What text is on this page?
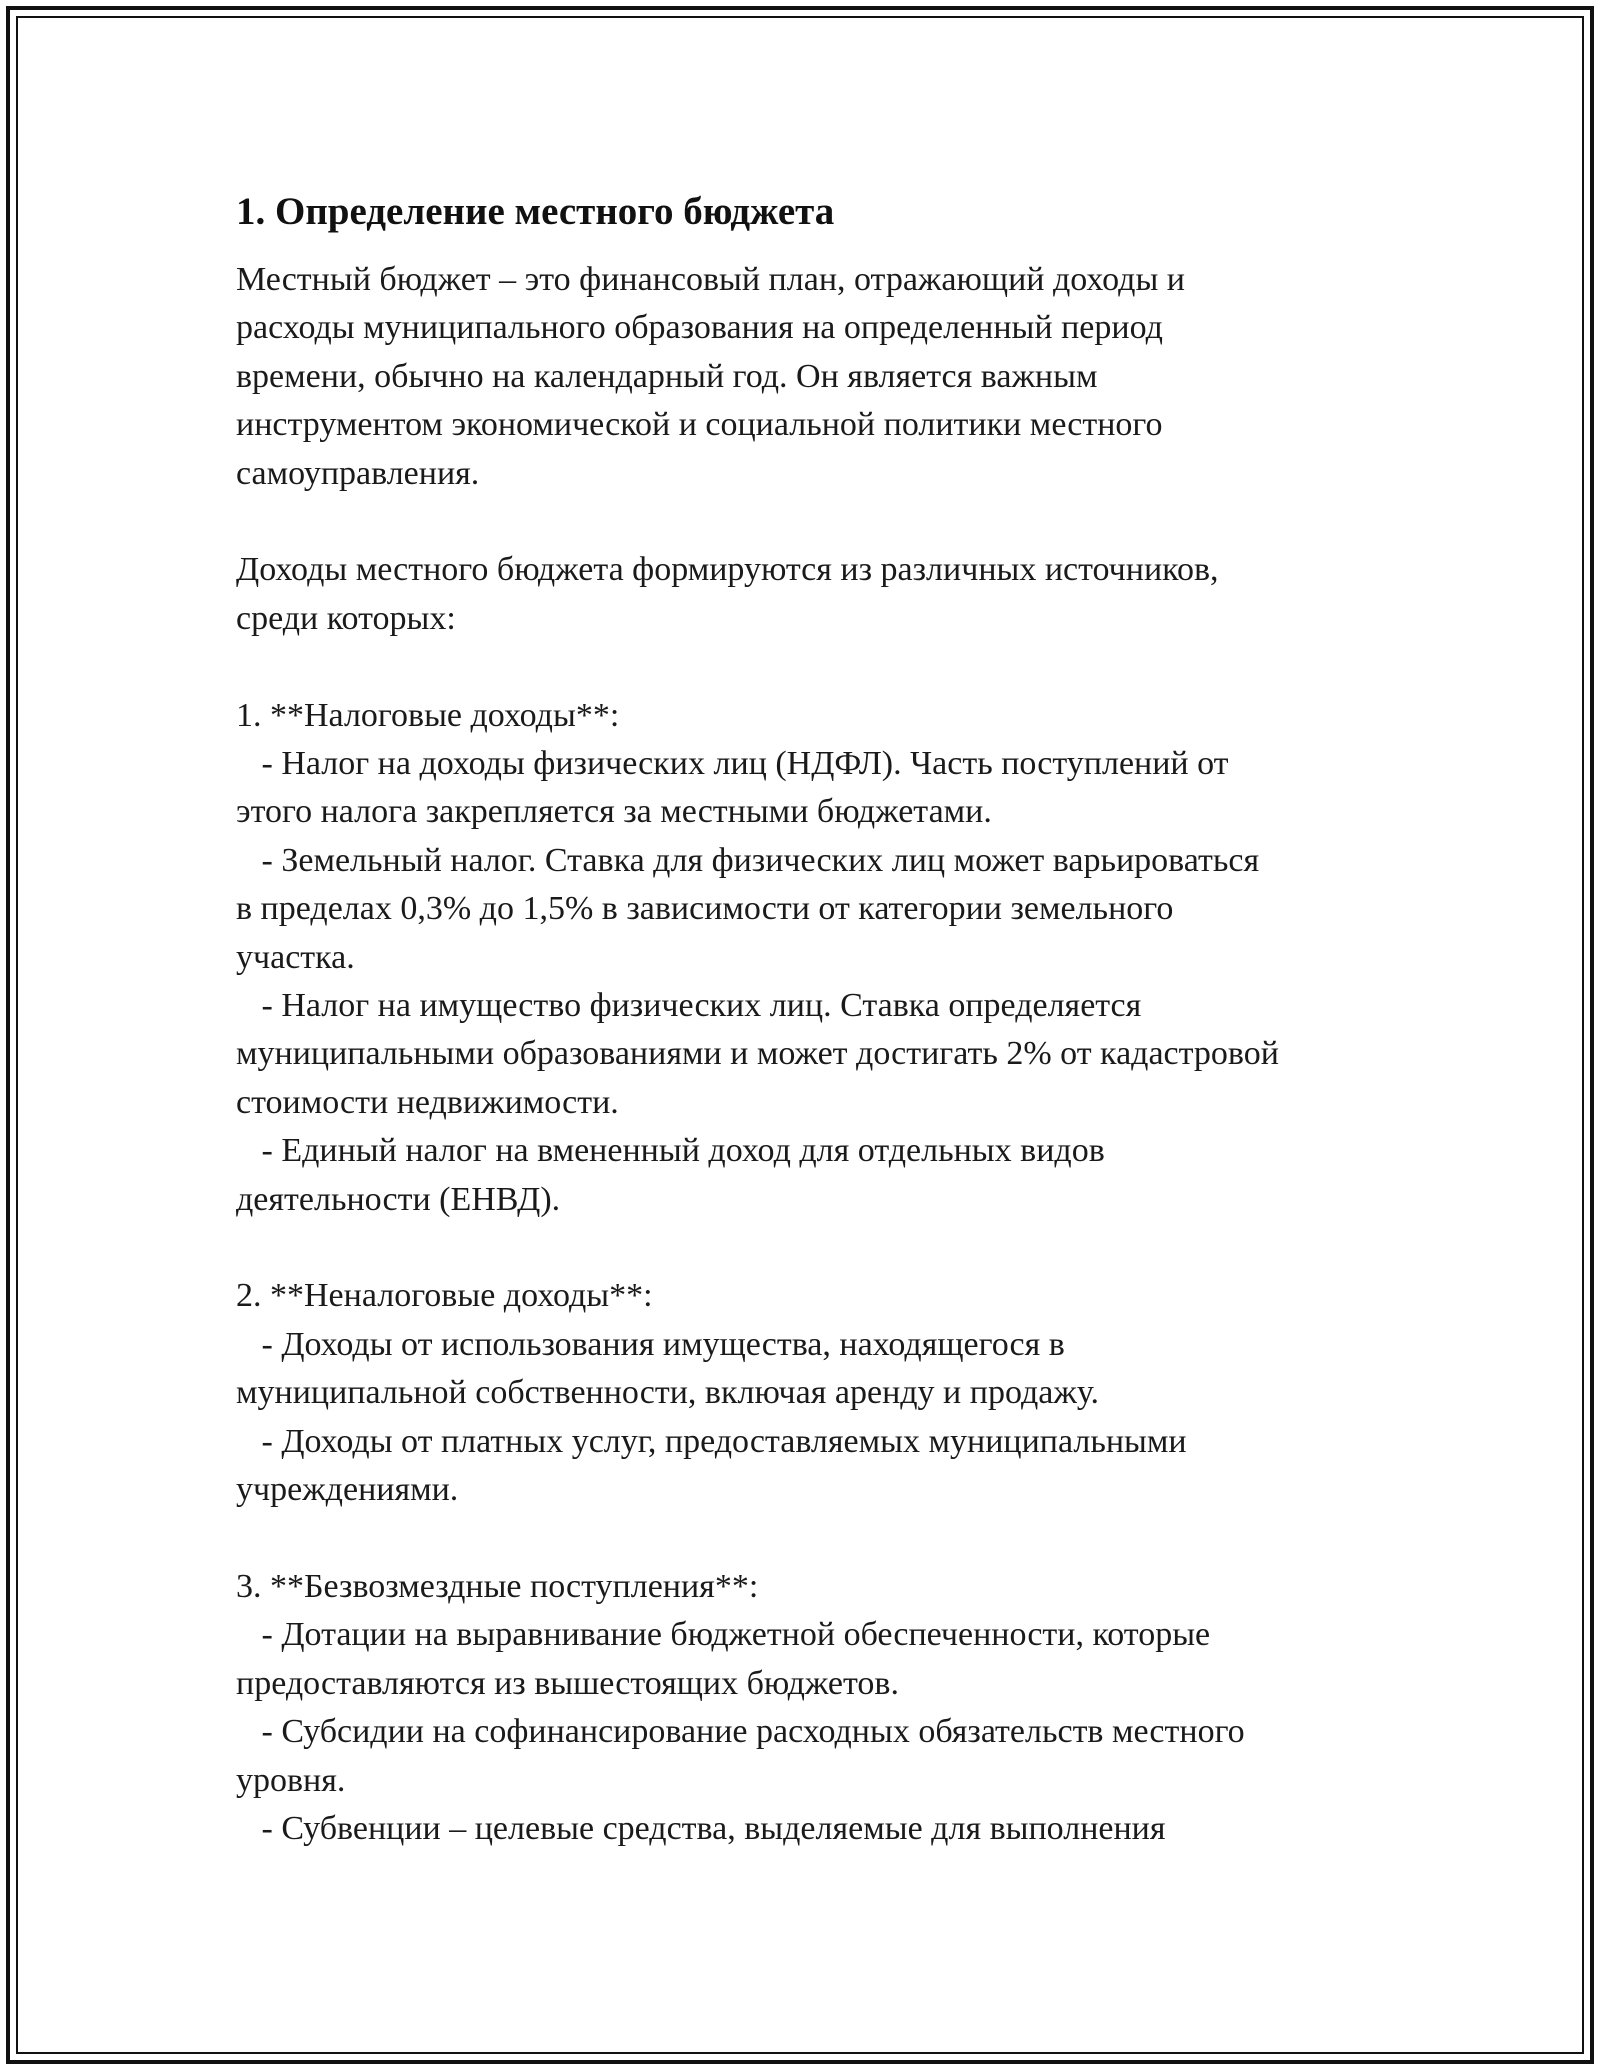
1. Определение местного бюджета

Местный бюджет – это финансовый план, отражающий доходы и
расходы муниципального образования на определенный период
времени, обычно на календарный год. Он является важным
инструментом экономической и социальной политики местного
самоуправления.

Доходы местного бюджета формируются из различных источников,
среди которых:

1. **Налоговые доходы**:

- Налог на доходы физических лиц (НДФЛ). Часть поступлений от
этого налога закрепляется за местными бюджетами.

- Земельный налог. Ставка для физических лиц может варьироваться
в пределах 0,3% до 1,5% в зависимости от категории земельного
участка.

- Налог на имущество физических лиц. Ставка определяется
муниципальными образованиями и может достигать 2% от кадастровой
стоимости недвижимости.

- Единый налог на вмененный доход для отдельных видов
деятельности (ЕНВД).

2. **Неналоговые доходы**:

- Доходы от использования имущества, находящегося в
муниципальной собственности, включая аренду и продажу.

- Доходы от платных услуг, предоставляемых муниципальными
учреждениями.

3. **Безвозмездные поступления**:

- Дотации на выравнивание бюджетной обеспеченности, которые
предоставляются из вышестоящих бюджетов.

- Субсидии на софинансирование расходных обязательств местного
уровня.

- Субвенции – целевые средства, выделяемые для выполнения
